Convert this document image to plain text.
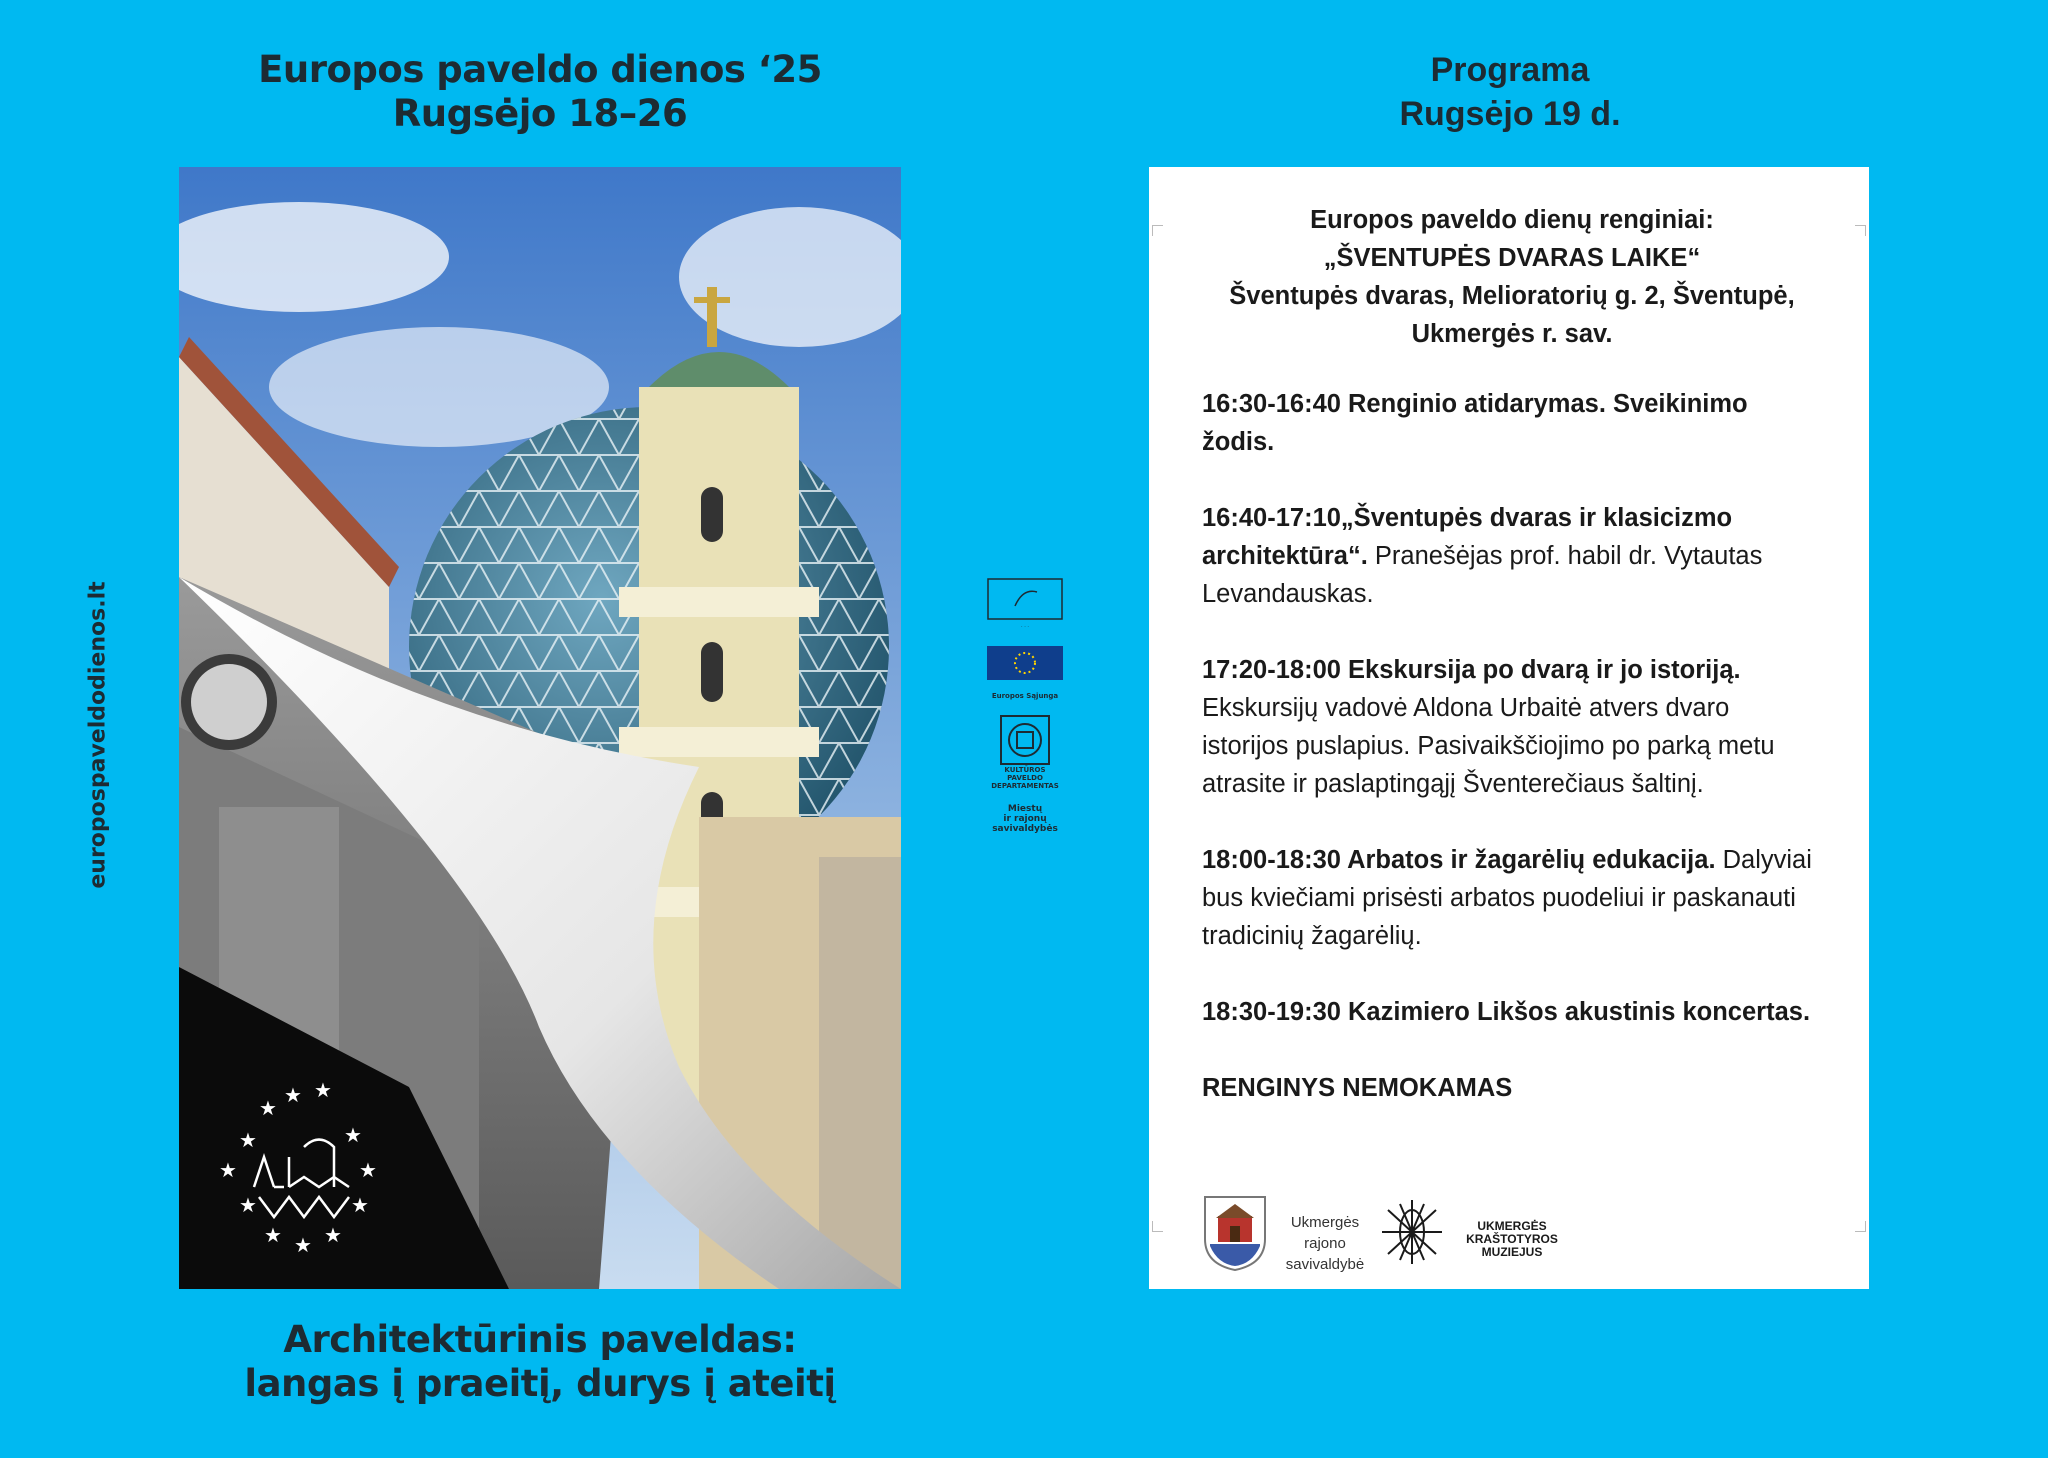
Europos paveldo dienos ‘25
Rugsėjo 18–26
europospaveldodienos.lt
★
★ ★
★
★
★
★ ★ ★
★
★
★
Architektūrinis paveldas:
langas į praeitį, durys į ateitį
· · ·
Europos Sąjunga
KULTŪROS
PAVELDO
DEPARTAMENTAS
Miestų
ir rajonų
savivaldybės
Programa
Rugsėjo 19 d.
Europos paveldo dienų renginiai:
„ŠVENTUPĖS DVARAS LAIKE“
Šventupės dvaras, Melioratorių g. 2, Šventupė,
Ukmergės r. sav.

16:30-16:40 Renginio atidarymas. Sveikinimo žodis.

16:40-17:10„Šventupės dvaras ir klasicizmo architektūra“. Pranešėjas prof. habil dr. Vytautas Levandauskas.

17:20-18:00 Ekskursija po dvarą ir jo istoriją. Ekskursijų vadovė Aldona Urbaitė atvers dvaro istorijos puslapius. Pasivaikščiojimo po parką metu atrasite ir paslaptingąjį Šventerečiaus šaltinį.

18:00-18:30 Arbatos ir žagarėlių edukacija. Dalyviai bus kviečiami prisėsti arbatos puodeliui ir paskanauti tradicinių žagarėlių.

18:30-19:30 Kazimiero Likšos akustinis koncertas.

RENGINYS NEMOKAMAS
Ukmergės
rajono
savivaldybė
UKMERGĖS
KRAŠTOTYROS
MUZIEJUS
